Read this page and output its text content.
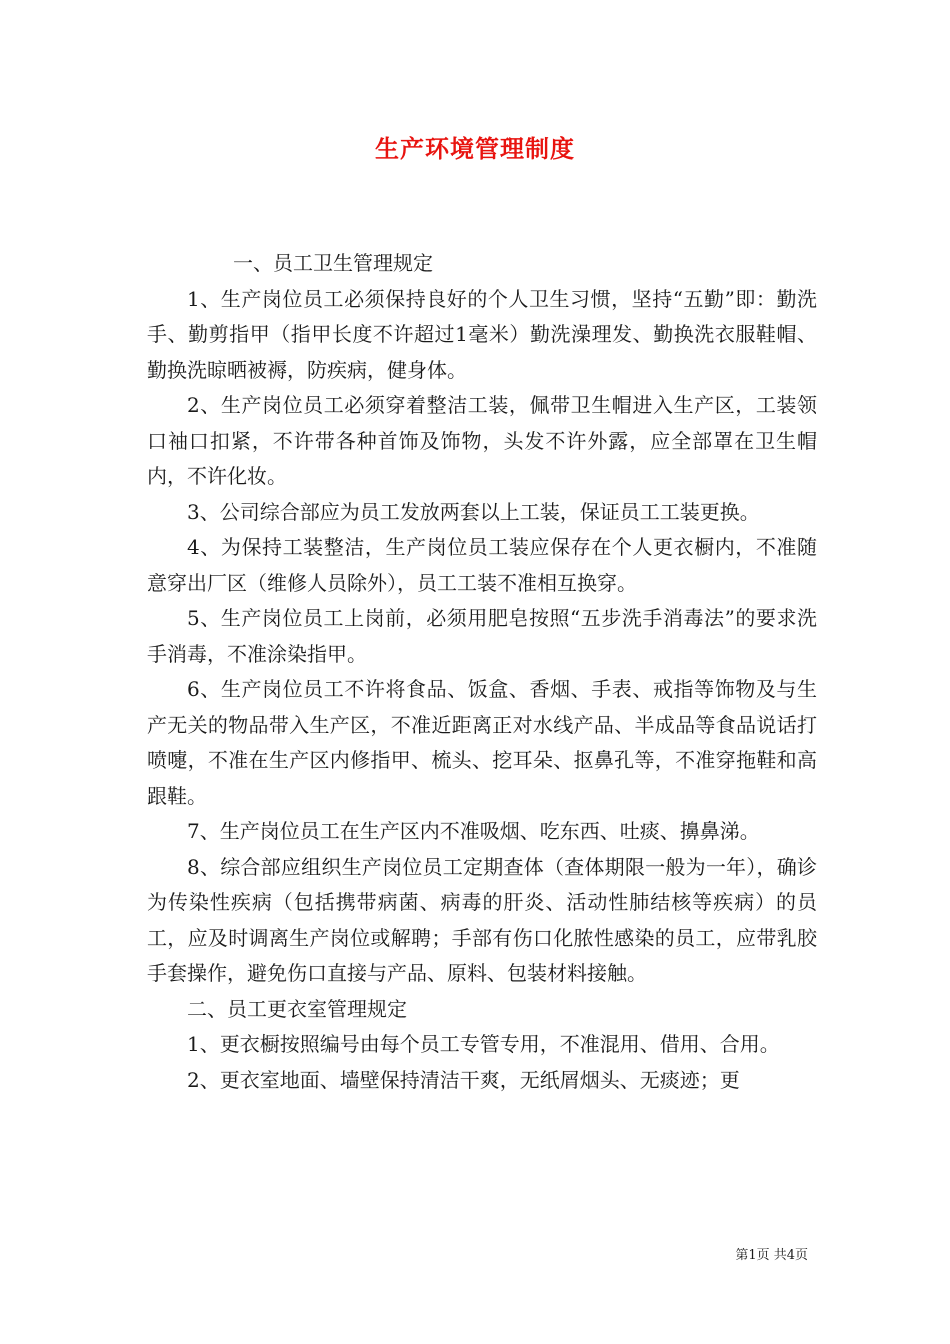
生产环境管理制度

一、员工卫生管理规定

1、生产岗位员工必须保持良好的个人卫生习惯，坚持“五勤”即：勤洗手、勤剪指甲（指甲长度不许超过1毫米）勤洗澡理发、勤换洗衣服鞋帽、勤换洗晾晒被褥，防疾病，健身体。

2、生产岗位员工必须穿着整洁工装，佩带卫生帽进入生产区，工装领口袖口扣紧，不许带各种首饰及饰物，头发不许外露，应全部罩在卫生帽内，不许化妆。

3、公司综合部应为员工发放两套以上工装，保证员工工装更换。

4、为保持工装整洁，生产岗位员工装应保存在个人更衣橱内，不准随意穿出厂区（维修人员除外），员工工装不准相互换穿。

5、生产岗位员工上岗前，必须用肥皂按照“五步洗手消毒法”的要求洗手消毒，不准涂染指甲。

6、生产岗位员工不许将食品、饭盒、香烟、手表、戒指等饰物及与生产无关的物品带入生产区，不准近距离正对水线产品、半成品等食品说话打喷嚏，不准在生产区内修指甲、梳头、挖耳朵、抠鼻孔等，不准穿拖鞋和高跟鞋。

7、生产岗位员工在生产区内不准吸烟、吃东西、吐痰、擤鼻涕。

8、综合部应组织生产岗位员工定期查体（查体期限一般为一年），确诊为传染性疾病（包括携带病菌、病毒的肝炎、活动性肺结核等疾病）的员工，应及时调离生产岗位或解聘；手部有伤口化脓性感染的员工，应带乳胶手套操作，避免伤口直接与产品、原料、包装材料接触。

二、员工更衣室管理规定

1、更衣橱按照编号由每个员工专管专用，不准混用、借用、合用。

2、更衣室地面、墙壁保持清洁干爽，无纸屑烟头、无痰迹；更

第1页 共4页
